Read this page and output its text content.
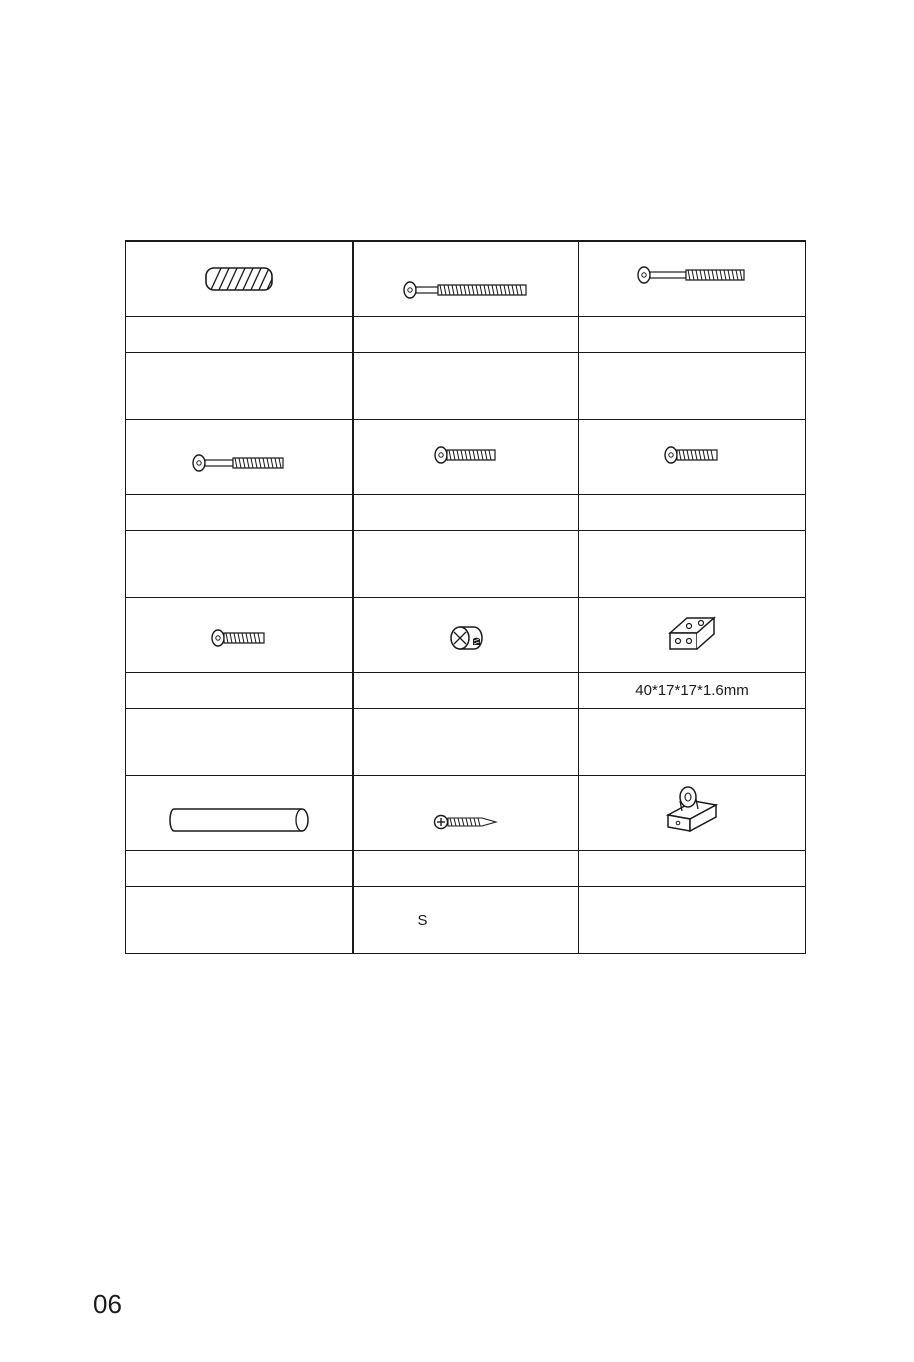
		40*17*17*1.6mm

	S	
06
